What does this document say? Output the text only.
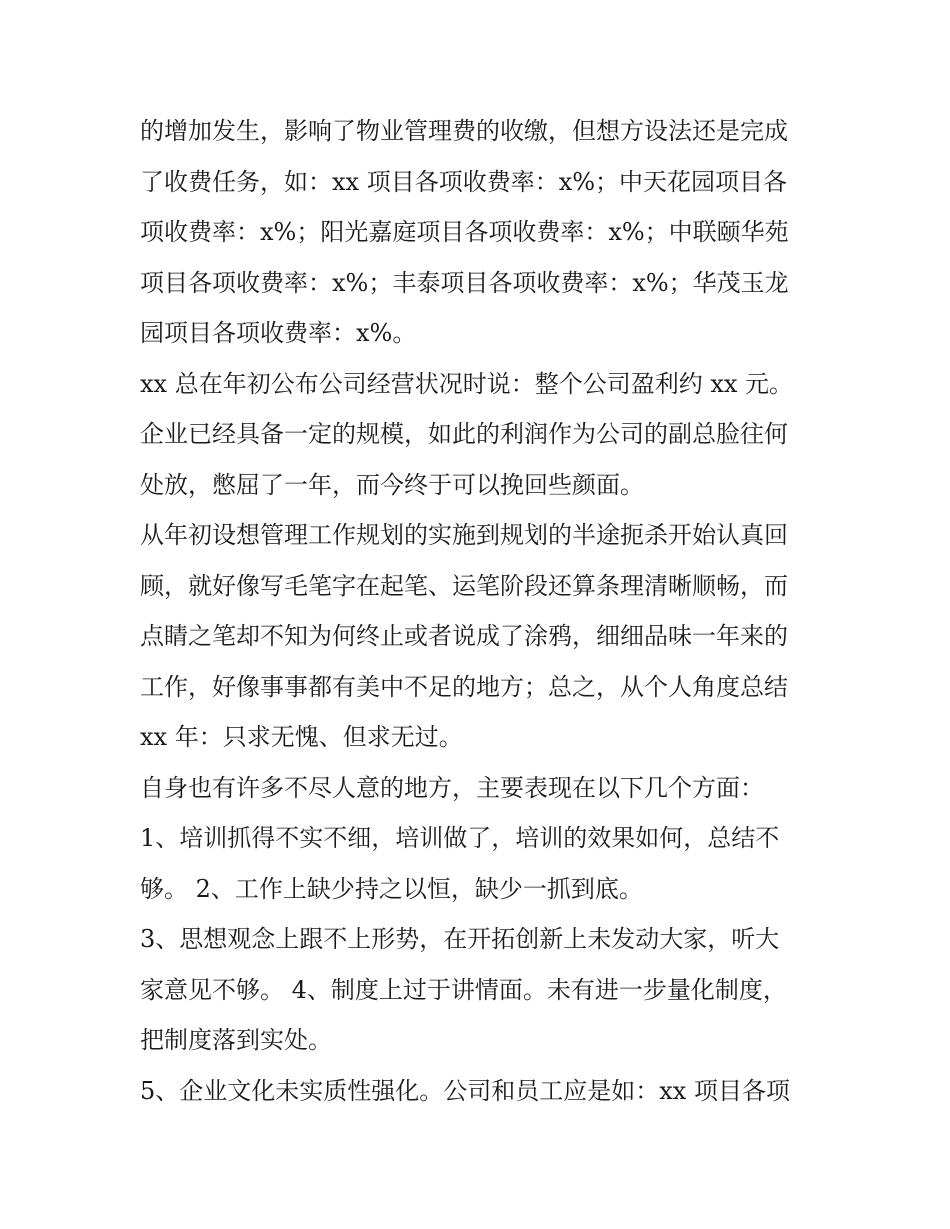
的增加发生，影响了物业管理费的收缴，但想方设法还是完成
了收费任务，如：xx 项目各项收费率：x%；中天花园项目各
项收费率：x%；阳光嘉庭项目各项收费率：x%；中联颐华苑
项目各项收费率：x%；丰泰项目各项收费率：x%；华茂玉龙
园项目各项收费率：x%。
xx 总在年初公布公司经营状况时说：整个公司盈利约 xx 元。
企业已经具备一定的规模，如此的利润作为公司的副总脸往何
处放，憋屈了一年，而今终于可以挽回些颜面。
从年初设想管理工作规划的实施到规划的半途扼杀开始认真回
顾，就好像写毛笔字在起笔、运笔阶段还算条理清晰顺畅，而
点睛之笔却不知为何终止或者说成了涂鸦，细细品味一年来的
工作，好像事事都有美中不足的地方；总之，从个人角度总结
xx 年：只求无愧、但求无过。
自身也有许多不尽人意的地方，主要表现在以下几个方面：
1、培训抓得不实不细，培训做了，培训的效果如何，总结不
够。 2、工作上缺少持之以恒，缺少一抓到底。
3、思想观念上跟不上形势，在开拓创新上未发动大家，听大
家意见不够。 4、制度上过于讲情面。未有进一步量化制度，
把制度落到实处。
5、企业文化未实质性强化。公司和员工应是如：xx 项目各项
